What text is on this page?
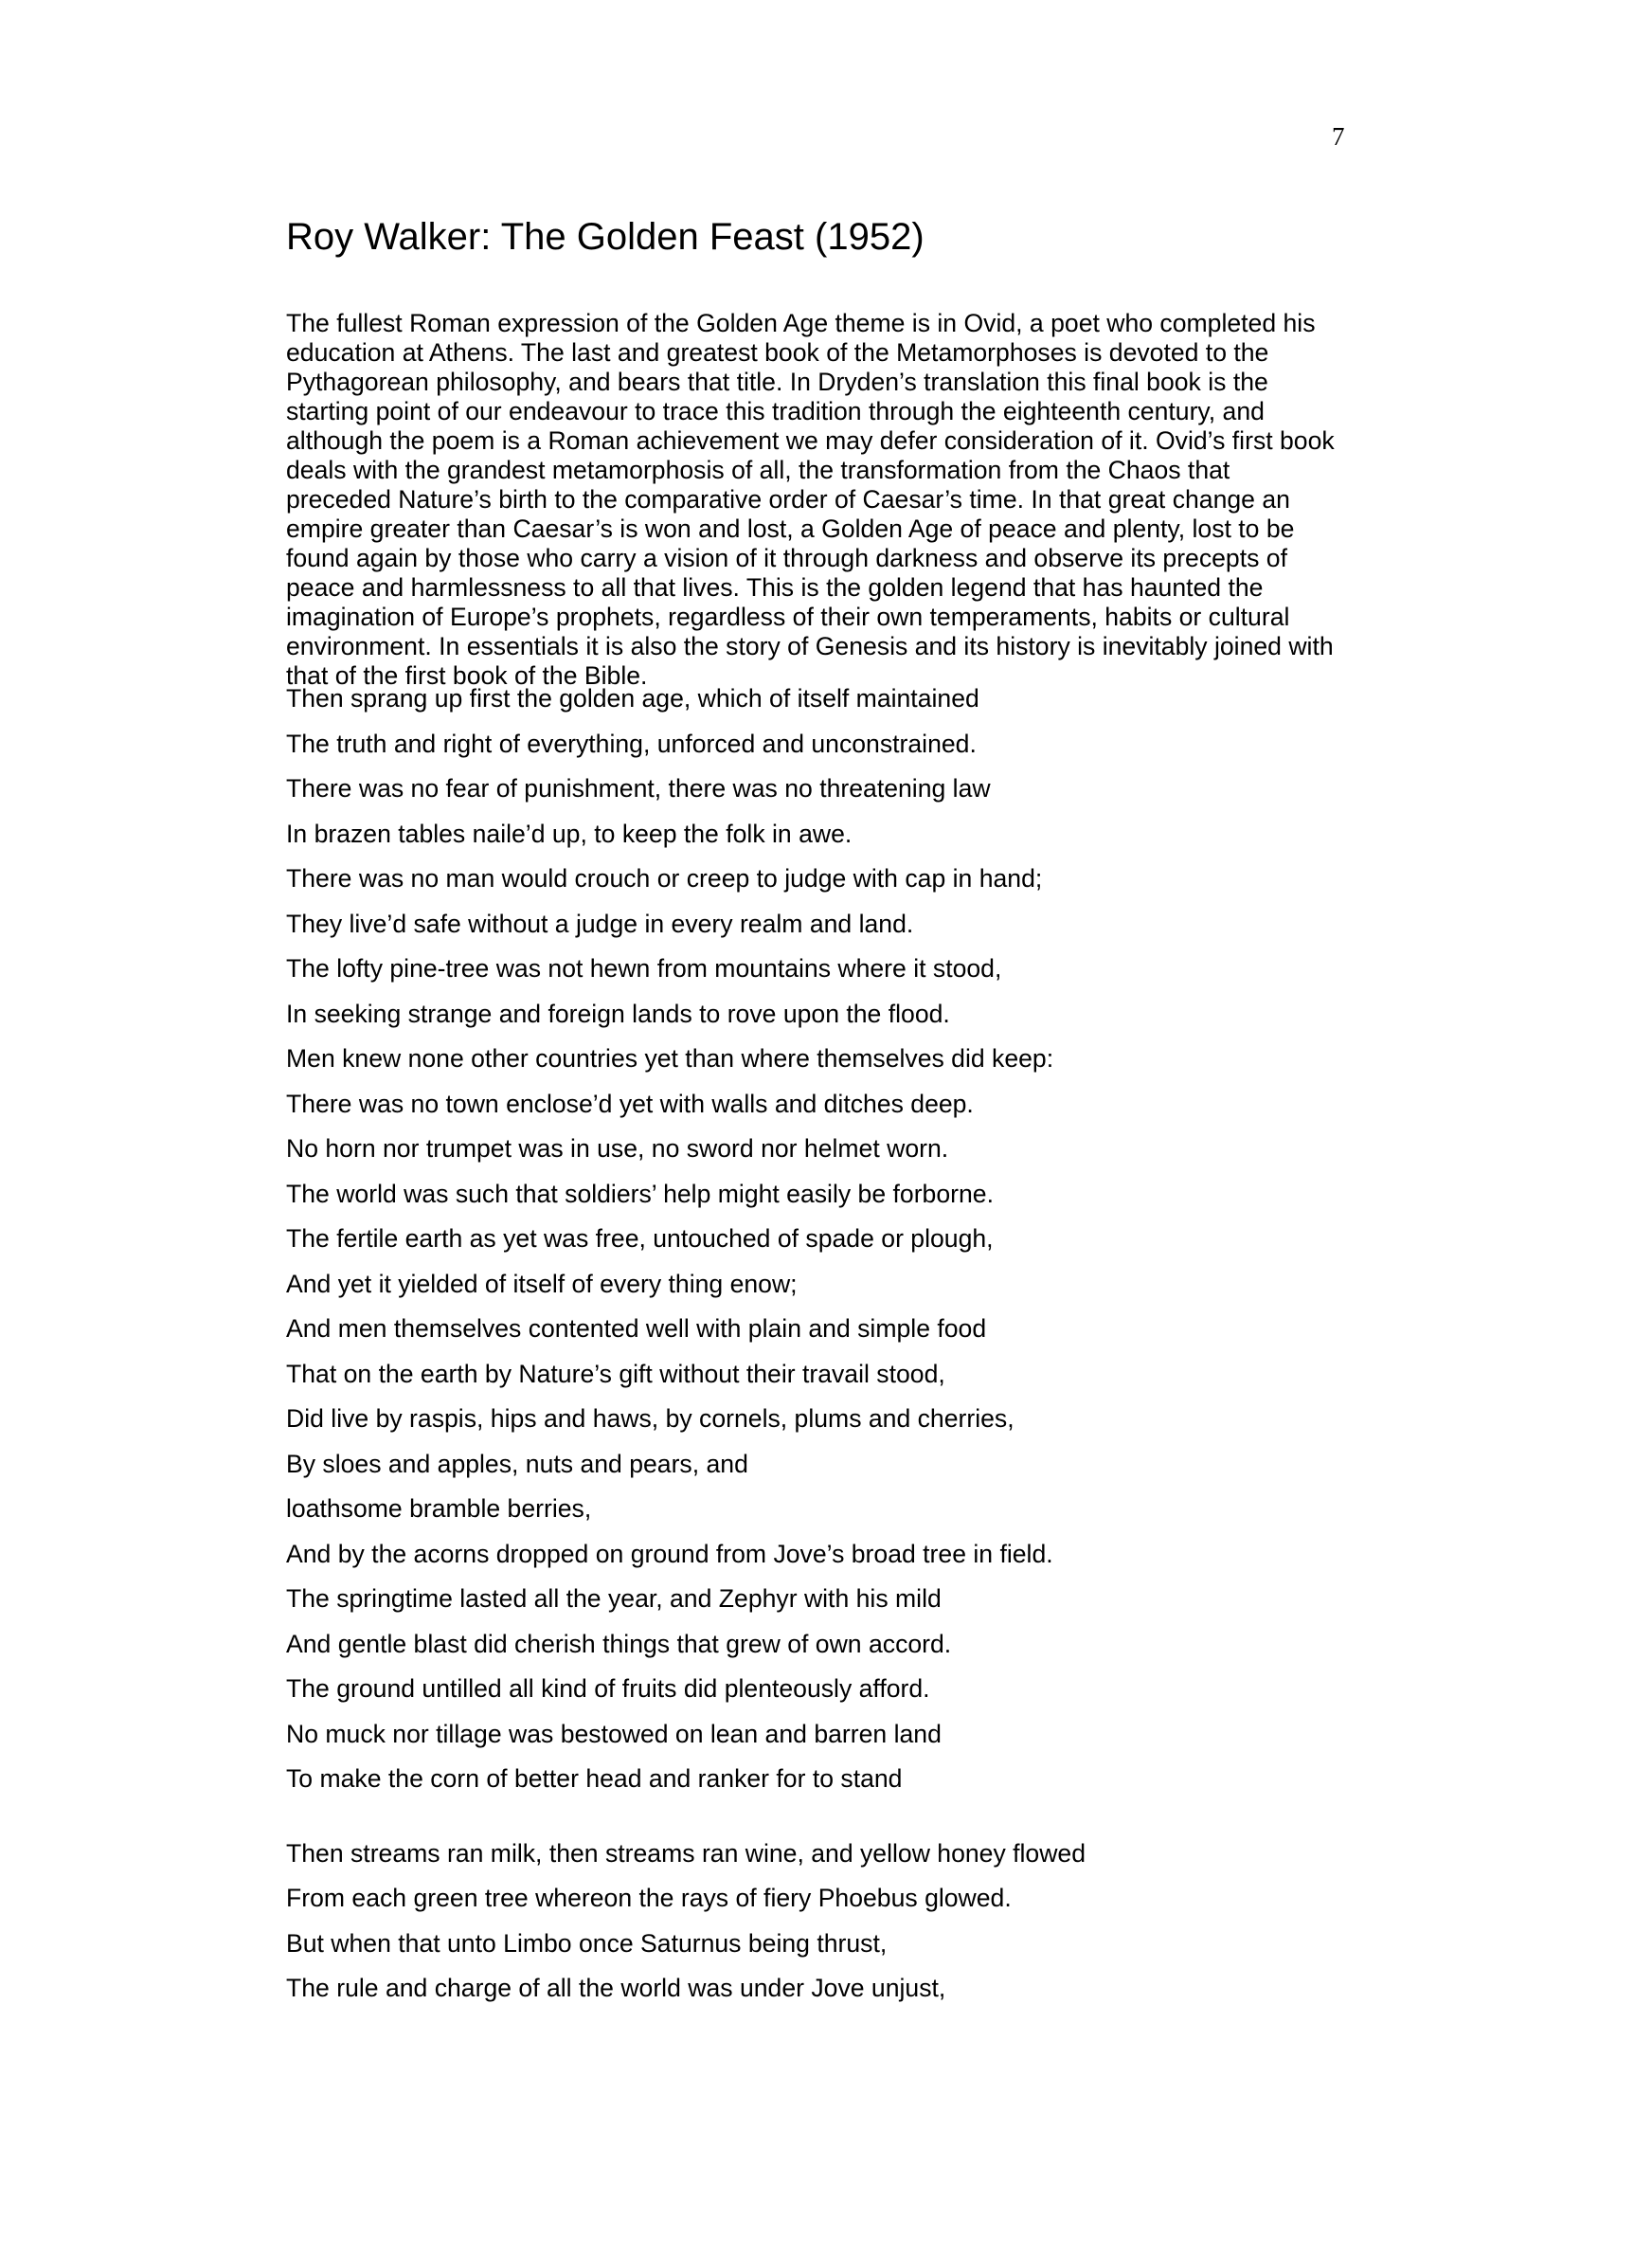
7
Roy Walker: The Golden Feast (1952)

The fullest Roman expression of the Golden Age theme is in Ovid, a poet who completed his
education at Athens. The last and greatest book of the Metamorphoses is devoted to the
Pythagorean philosophy, and bears that title. In Dryden’s translation this final book is the
starting point of our endeavour to trace this tradition through the eighteenth century, and
although the poem is a Roman achievement we may defer consideration of it. Ovid’s first book
deals with the grandest metamorphosis of all, the transformation from the Chaos that
preceded Nature’s birth to the comparative order of Caesar’s time. In that great change an
empire greater than Caesar’s is won and lost, a Golden Age of peace and plenty, lost to be
found again by those who carry a vision of it through darkness and observe its precepts of
peace and harmlessness to all that lives. This is the golden legend that has haunted the
imagination of Europe’s prophets, regardless of their own temperaments, habits or cultural
environment. In essentials it is also the story of Genesis and its history is inevitably joined with
that of the first book of the Bible.

Then sprang up first the golden age, which of itself maintained
The truth and right of everything, unforced and unconstrained.
There was no fear of punishment, there was no threatening law
In brazen tables naile’d up, to keep the folk in awe.
There was no man would crouch or creep to judge with cap in hand;
They live’d safe without a judge in every realm and land.
The lofty pine-tree was not hewn from mountains where it stood,
In seeking strange and foreign lands to rove upon the flood.
Men knew none other countries yet than where themselves did keep:
There was no town enclose’d yet with walls and ditches deep.
No horn nor trumpet was in use, no sword nor helmet worn.
The world was such that soldiers’ help might easily be forborne.
The fertile earth as yet was free, untouched of spade or plough,
And yet it yielded of itself of every thing enow;
And men themselves contented well with plain and simple food
That on the earth by Nature’s gift without their travail stood,
Did live by raspis, hips and haws, by cornels, plums and cherries,
By sloes and apples, nuts and pears, and
loathsome bramble berries,
And by the acorns dropped on ground from Jove’s broad tree in field.
The springtime lasted all the year, and Zephyr with his mild
And gentle blast did cherish things that grew of own accord.
The ground untilled all kind of fruits did plenteously afford.
No muck nor tillage was bestowed on lean and barren land
To make the corn of better head and ranker for to stand
Then streams ran milk, then streams ran wine, and yellow honey flowed
From each green tree whereon the rays of fiery Phoebus glowed.
But when that unto Limbo once Saturnus being thrust,
The rule and charge of all the world was under Jove unjust,
